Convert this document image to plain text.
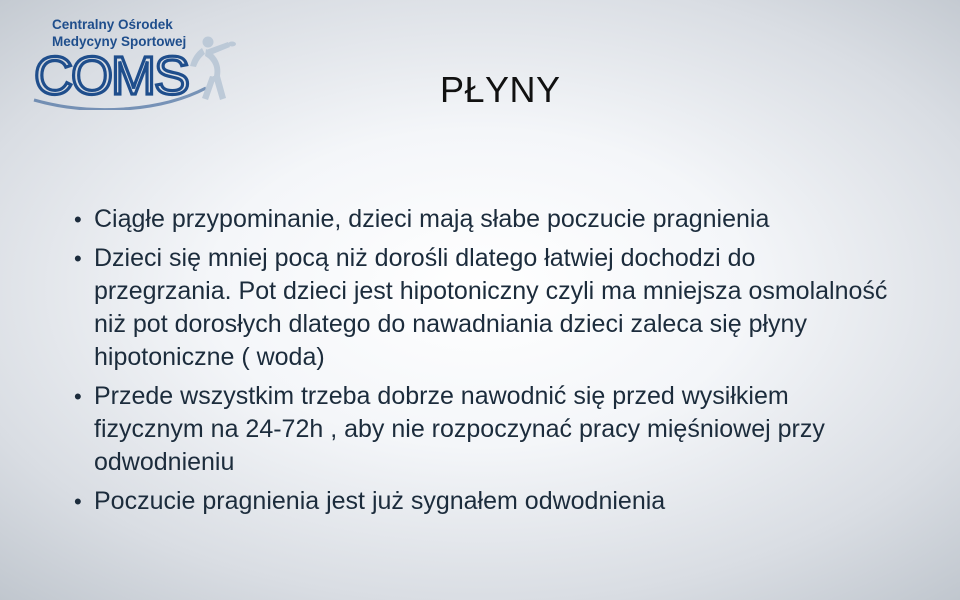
Centralny Ośrodek
Medycyny Sportowej
COMS	PŁYNY
• Ciągłe przypominanie, dzieci mają słabe poczucie pragnienia
• Dzieci się mniej pocą niż dorośli dlatego łatwiej dochodzi do przegrzania. Pot dzieci jest hipotoniczny czyli ma mniejsza osmolalność niż pot dorosłych dlatego do nawadniania dzieci zaleca się płyny hipotoniczne ( woda)
• Przede wszystkim trzeba dobrze nawodnić się przed wysiłkiem fizycznym na 24-72h , aby nie rozpoczynać pracy mięśniowej przy odwodnieniu
• Poczucie pragnienia jest już sygnałem odwodnienia
